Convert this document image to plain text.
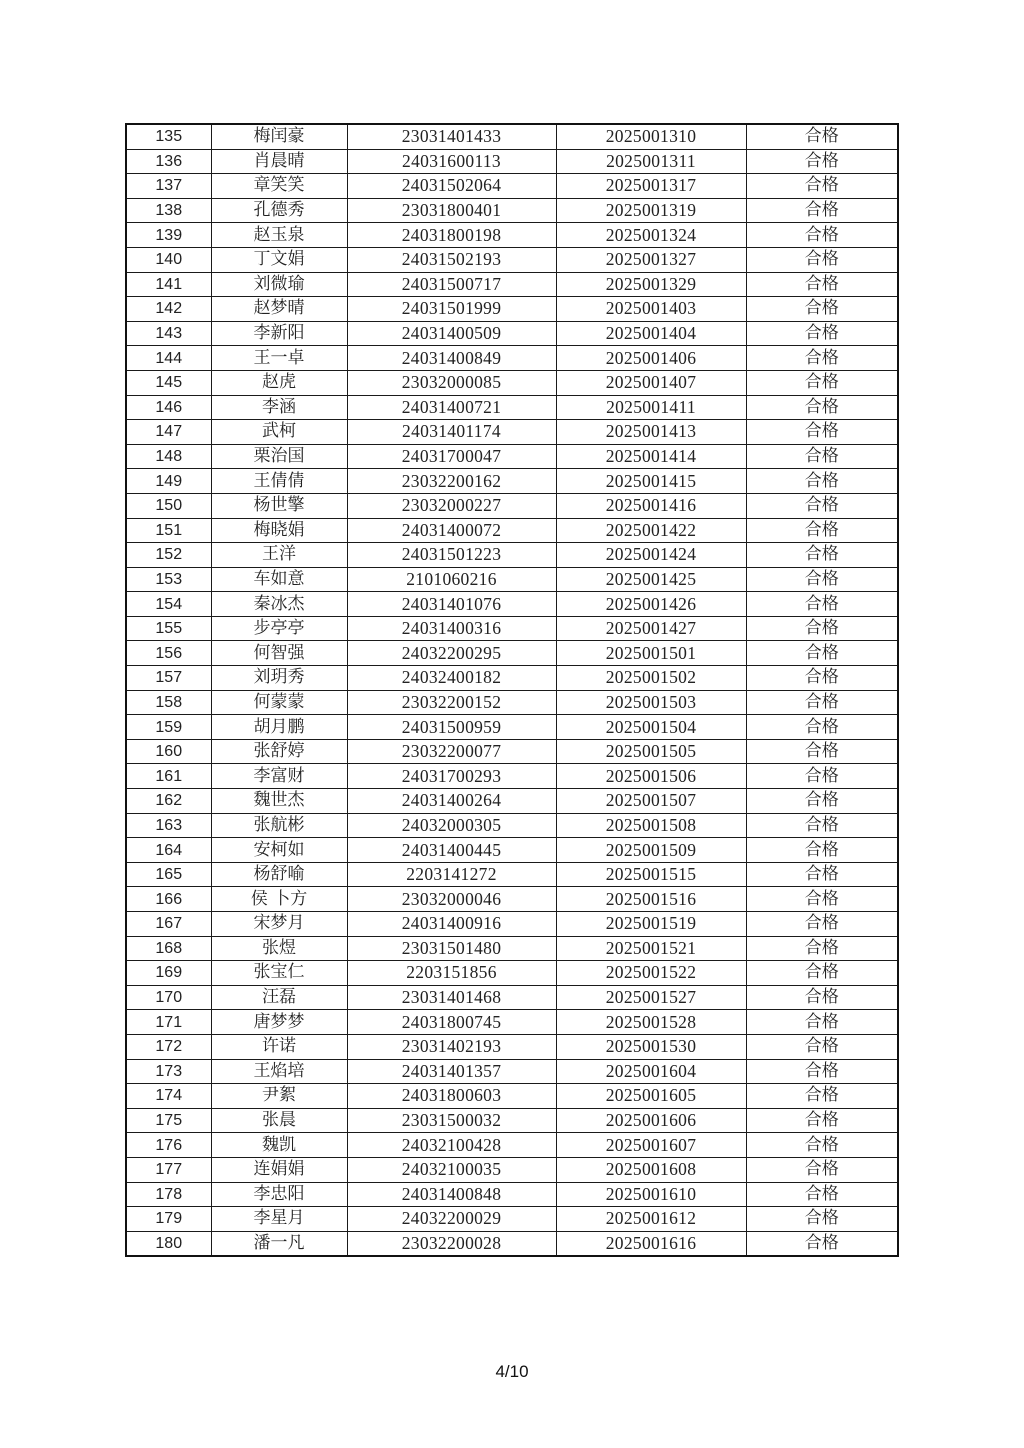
135	梅闰豪	23031401433	2025001310	合格
136	肖晨晴	24031600113	2025001311	合格
137	章笑笑	24031502064	2025001317	合格
138	孔德秀	23031800401	2025001319	合格
139	赵玉泉	24031800198	2025001324	合格
140	丁文娟	24031502193	2025001327	合格
141	刘微瑜	24031500717	2025001329	合格
142	赵梦晴	24031501999	2025001403	合格
143	李新阳	24031400509	2025001404	合格
144	王一卓	24031400849	2025001406	合格
145	赵虎	23032000085	2025001407	合格
146	李涵	24031400721	2025001411	合格
147	武柯	24031401174	2025001413	合格
148	栗治国	24031700047	2025001414	合格
149	王倩倩	23032200162	2025001415	合格
150	杨世擎	23032000227	2025001416	合格
151	梅晓娟	24031400072	2025001422	合格
152	王洋	24031501223	2025001424	合格
153	车如意	2101060216	2025001425	合格
154	秦冰杰	24031401076	2025001426	合格
155	步亭亭	24031400316	2025001427	合格
156	何智强	24032200295	2025001501	合格
157	刘玥秀	24032400182	2025001502	合格
158	何蒙蒙	23032200152	2025001503	合格
159	胡月鹏	24031500959	2025001504	合格
160	张舒婷	23032200077	2025001505	合格
161	李富财	24031700293	2025001506	合格
162	魏世杰	24031400264	2025001507	合格
163	张航彬	24032000305	2025001508	合格
164	安柯如	24031400445	2025001509	合格
165	杨舒喻	2203141272	2025001515	合格
166	侯 卜方	23032000046	2025001516	合格
167	宋梦月	24031400916	2025001519	合格
168	张煜	23031501480	2025001521	合格
169	张宝仁	2203151856	2025001522	合格
170	汪磊	23031401468	2025001527	合格
171	唐梦梦	24031800745	2025001528	合格
172	许诺	23031402193	2025001530	合格
173	王焰培	24031401357	2025001604	合格
174	尹絮	24031800603	2025001605	合格
175	张晨	23031500032	2025001606	合格
176	魏凯	24032100428	2025001607	合格
177	连娟娟	24032100035	2025001608	合格
178	李忠阳	24031400848	2025001610	合格
179	李星月	24032200029	2025001612	合格
180	潘一凡	23032200028	2025001616	合格
4/10
